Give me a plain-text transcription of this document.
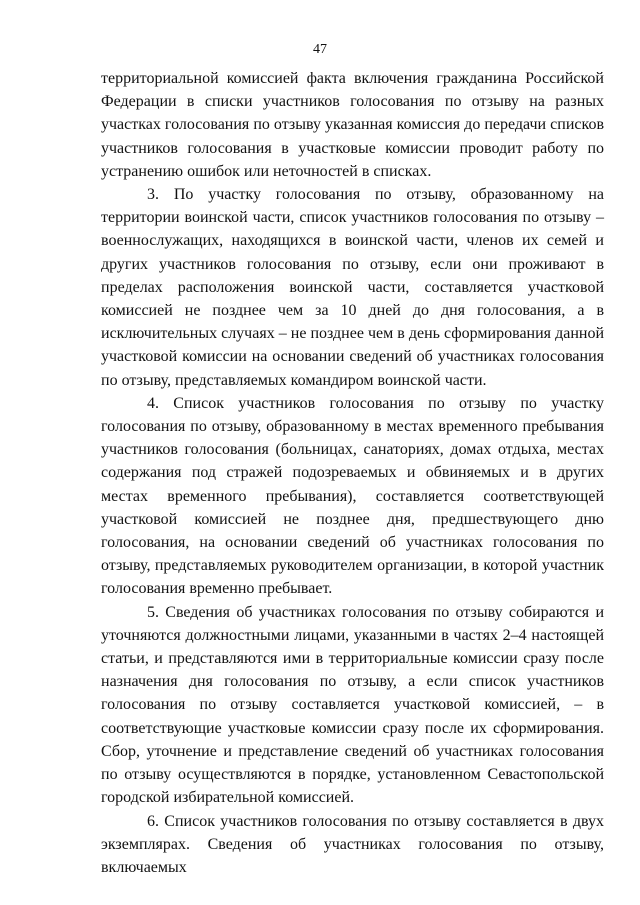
47

территориальной комиссией факта включения гражданина Российской Федерации в списки участников голосования по отзыву на разных участках голосования по отзыву указанная комиссия до передачи списков участников голосования в участковые комиссии проводит работу по устранению ошибок или неточностей в списках.

3. По участку голосования по отзыву, образованному на территории воинской части, список участников голосования по отзыву – военнослужащих, находящихся в воинской части, членов их семей и других участников голосования по отзыву, если они проживают в пределах расположения воинской части, составляется участковой комиссией не позднее чем за 10 дней до дня голосования, а в исключительных случаях – не позднее чем в день сформирования данной участковой комиссии на основании сведений об участниках голосования по отзыву, представляемых командиром воинской части.

4. Список участников голосования по отзыву по участку голосования по отзыву, образованному в местах временного пребывания участников голосования (больницах, санаториях, домах отдыха, местах содержания под стражей подозреваемых и обвиняемых и в других местах временного пребывания), составляется соответствующей участковой комиссией не позднее дня, предшествующего дню голосования, на основании сведений об участниках голосования по отзыву, представляемых руководителем организации, в которой участник голосования временно пребывает.

5. Сведения об участниках голосования по отзыву собираются и уточняются должностными лицами, указанными в частях 2–4 настоящей статьи, и представляются ими в территориальные комиссии сразу после назначения дня голосования по отзыву, а если список участников голосования по отзыву составляется участковой комиссией, – в соответствующие участковые комиссии сразу после их сформирования. Сбор, уточнение и представление сведений об участниках голосования по отзыву осуществляются в порядке, установленном Севастопольской городской избирательной комиссией.

6. Список участников голосования по отзыву составляется в двух экземплярах. Сведения об участниках голосования по отзыву, включаемых
